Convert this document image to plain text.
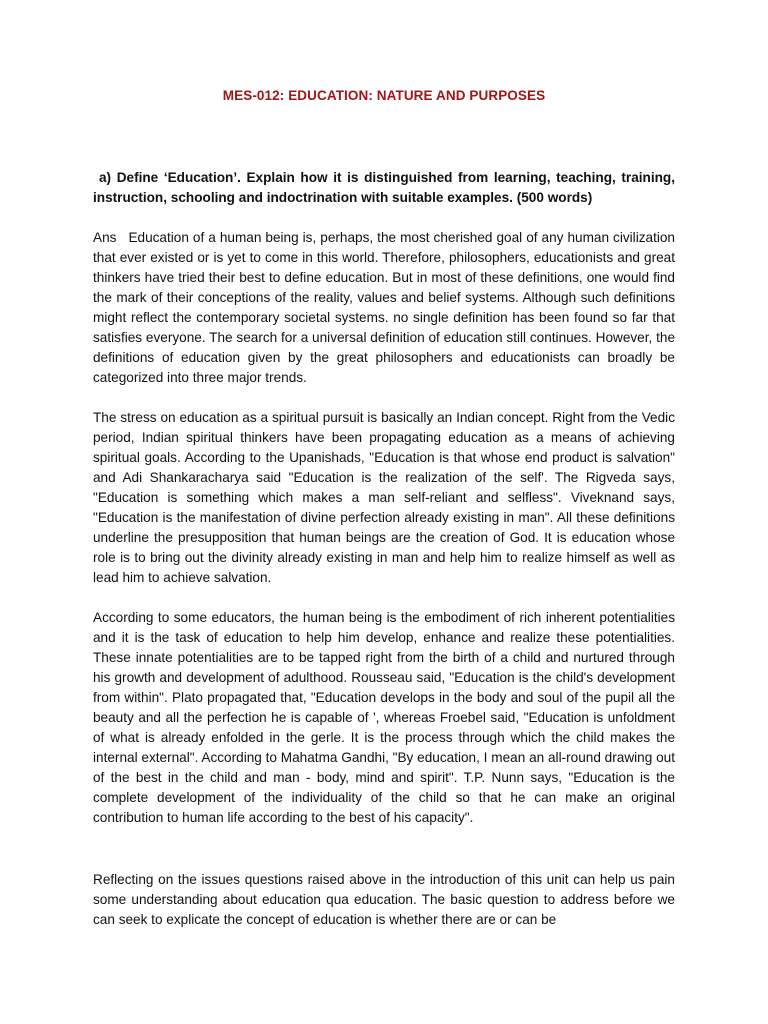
MES-012: EDUCATION: NATURE AND PURPOSES

a) Define ‘Education’. Explain how it is distinguished from learning, teaching, training, instruction, schooling and indoctrination with suitable examples. (500 words)

Ans Education of a human being is, perhaps, the most cherished goal of any human civilization that ever existed or is yet to come in this world. Therefore, philosophers, educationists and great thinkers have tried their best to define education. But in most of these definitions, one would find the mark of their conceptions of the reality, values and belief systems. Although such definitions might reflect the contemporary societal systems. no single definition has been found so far that satisfies everyone. The search for a universal definition of education still continues. However, the definitions of education given by the great philosophers and educationists can broadly be categorized into three major trends.

The stress on education as a spiritual pursuit is basically an Indian concept. Right from the Vedic period, Indian spiritual thinkers have been propagating education as a means of achieving spiritual goals. According to the Upanishads, "Education is that whose end product is salvation" and Adi Shankaracharya said "Education is the realization of the self'. The Rigveda says, "Education is something which makes a man self-reliant and selfless". Viveknand says, "Education is the manifestation of divine perfection already existing in man". All these definitions underline the presupposition that human beings are the creation of God. It is education whose role is to bring out the divinity already existing in man and help him to realize himself as well as lead him to achieve salvation.

According to some educators, the human being is the embodiment of rich inherent potentialities and it is the task of education to help him develop, enhance and realize these potentialities. These innate potentialities are to be tapped right from the birth of a child and nurtured through his growth and development of adulthood. Rousseau said, "Education is the child's development from within". Plato propagated that, "Education develops in the body and soul of the pupil all the beauty and all the perfection he is capable of ', whereas Froebel said, "Education is unfoldment of what is already enfolded in the gerle. It is the process through which the child makes the internal external". According to Mahatma Gandhi, "By education, I mean an all-round drawing out of the best in the child and man - body, mind and spirit". T.P. Nunn says, "Education is the complete development of the individuality of the child so that he can make an original contribution to human life according to the best of his capacity".

Reflecting on the issues questions raised above in the introduction of this unit can help us pain some understanding about education qua education. The basic question to address before we can seek to explicate the concept of education is whether there are or can be
